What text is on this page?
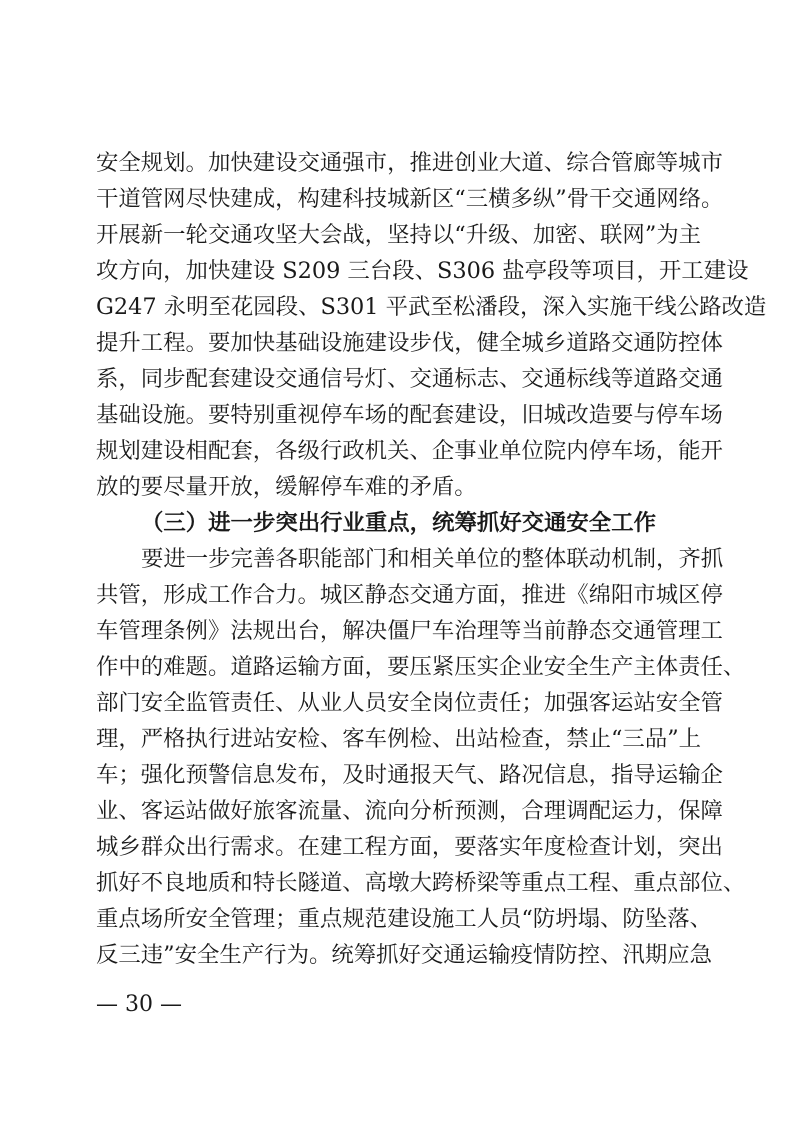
安全规划。加快建设交通强市，推进创业大道、综合管廊等城市
干道管网尽快建成，构建科技城新区“三横多纵”骨干交通网络。
开展新一轮交通攻坚大会战，坚持以“升级、加密、联网”为主
攻方向，加快建设 S209 三台段、S306 盐亭段等项目，开工建设
G247 永明至花园段、S301 平武至松潘段，深入实施干线公路改造
提升工程。要加快基础设施建设步伐，健全城乡道路交通防控体
系，同步配套建设交通信号灯、交通标志、交通标线等道路交通
基础设施。要特别重视停车场的配套建设，旧城改造要与停车场
规划建设相配套，各级行政机关、企事业单位院内停车场，能开
放的要尽量开放，缓解停车难的矛盾。
（三）进一步突出行业重点，统筹抓好交通安全工作
要进一步完善各职能部门和相关单位的整体联动机制，齐抓
共管，形成工作合力。城区静态交通方面，推进《绵阳市城区停
车管理条例》法规出台，解决僵尸车治理等当前静态交通管理工
作中的难题。道路运输方面，要压紧压实企业安全生产主体责任、
部门安全监管责任、从业人员安全岗位责任；加强客运站安全管
理，严格执行进站安检、客车例检、出站检查，禁止“三品”上
车；强化预警信息发布，及时通报天气、路况信息，指导运输企
业、客运站做好旅客流量、流向分析预测，合理调配运力，保障
城乡群众出行需求。在建工程方面，要落实年度检查计划，突出
抓好不良地质和特长隧道、高墩大跨桥梁等重点工程、重点部位、
重点场所安全管理；重点规范建设施工人员“防坍塌、防坠落、
反三违”安全生产行为。统筹抓好交通运输疫情防控、汛期应急
— 30 —
